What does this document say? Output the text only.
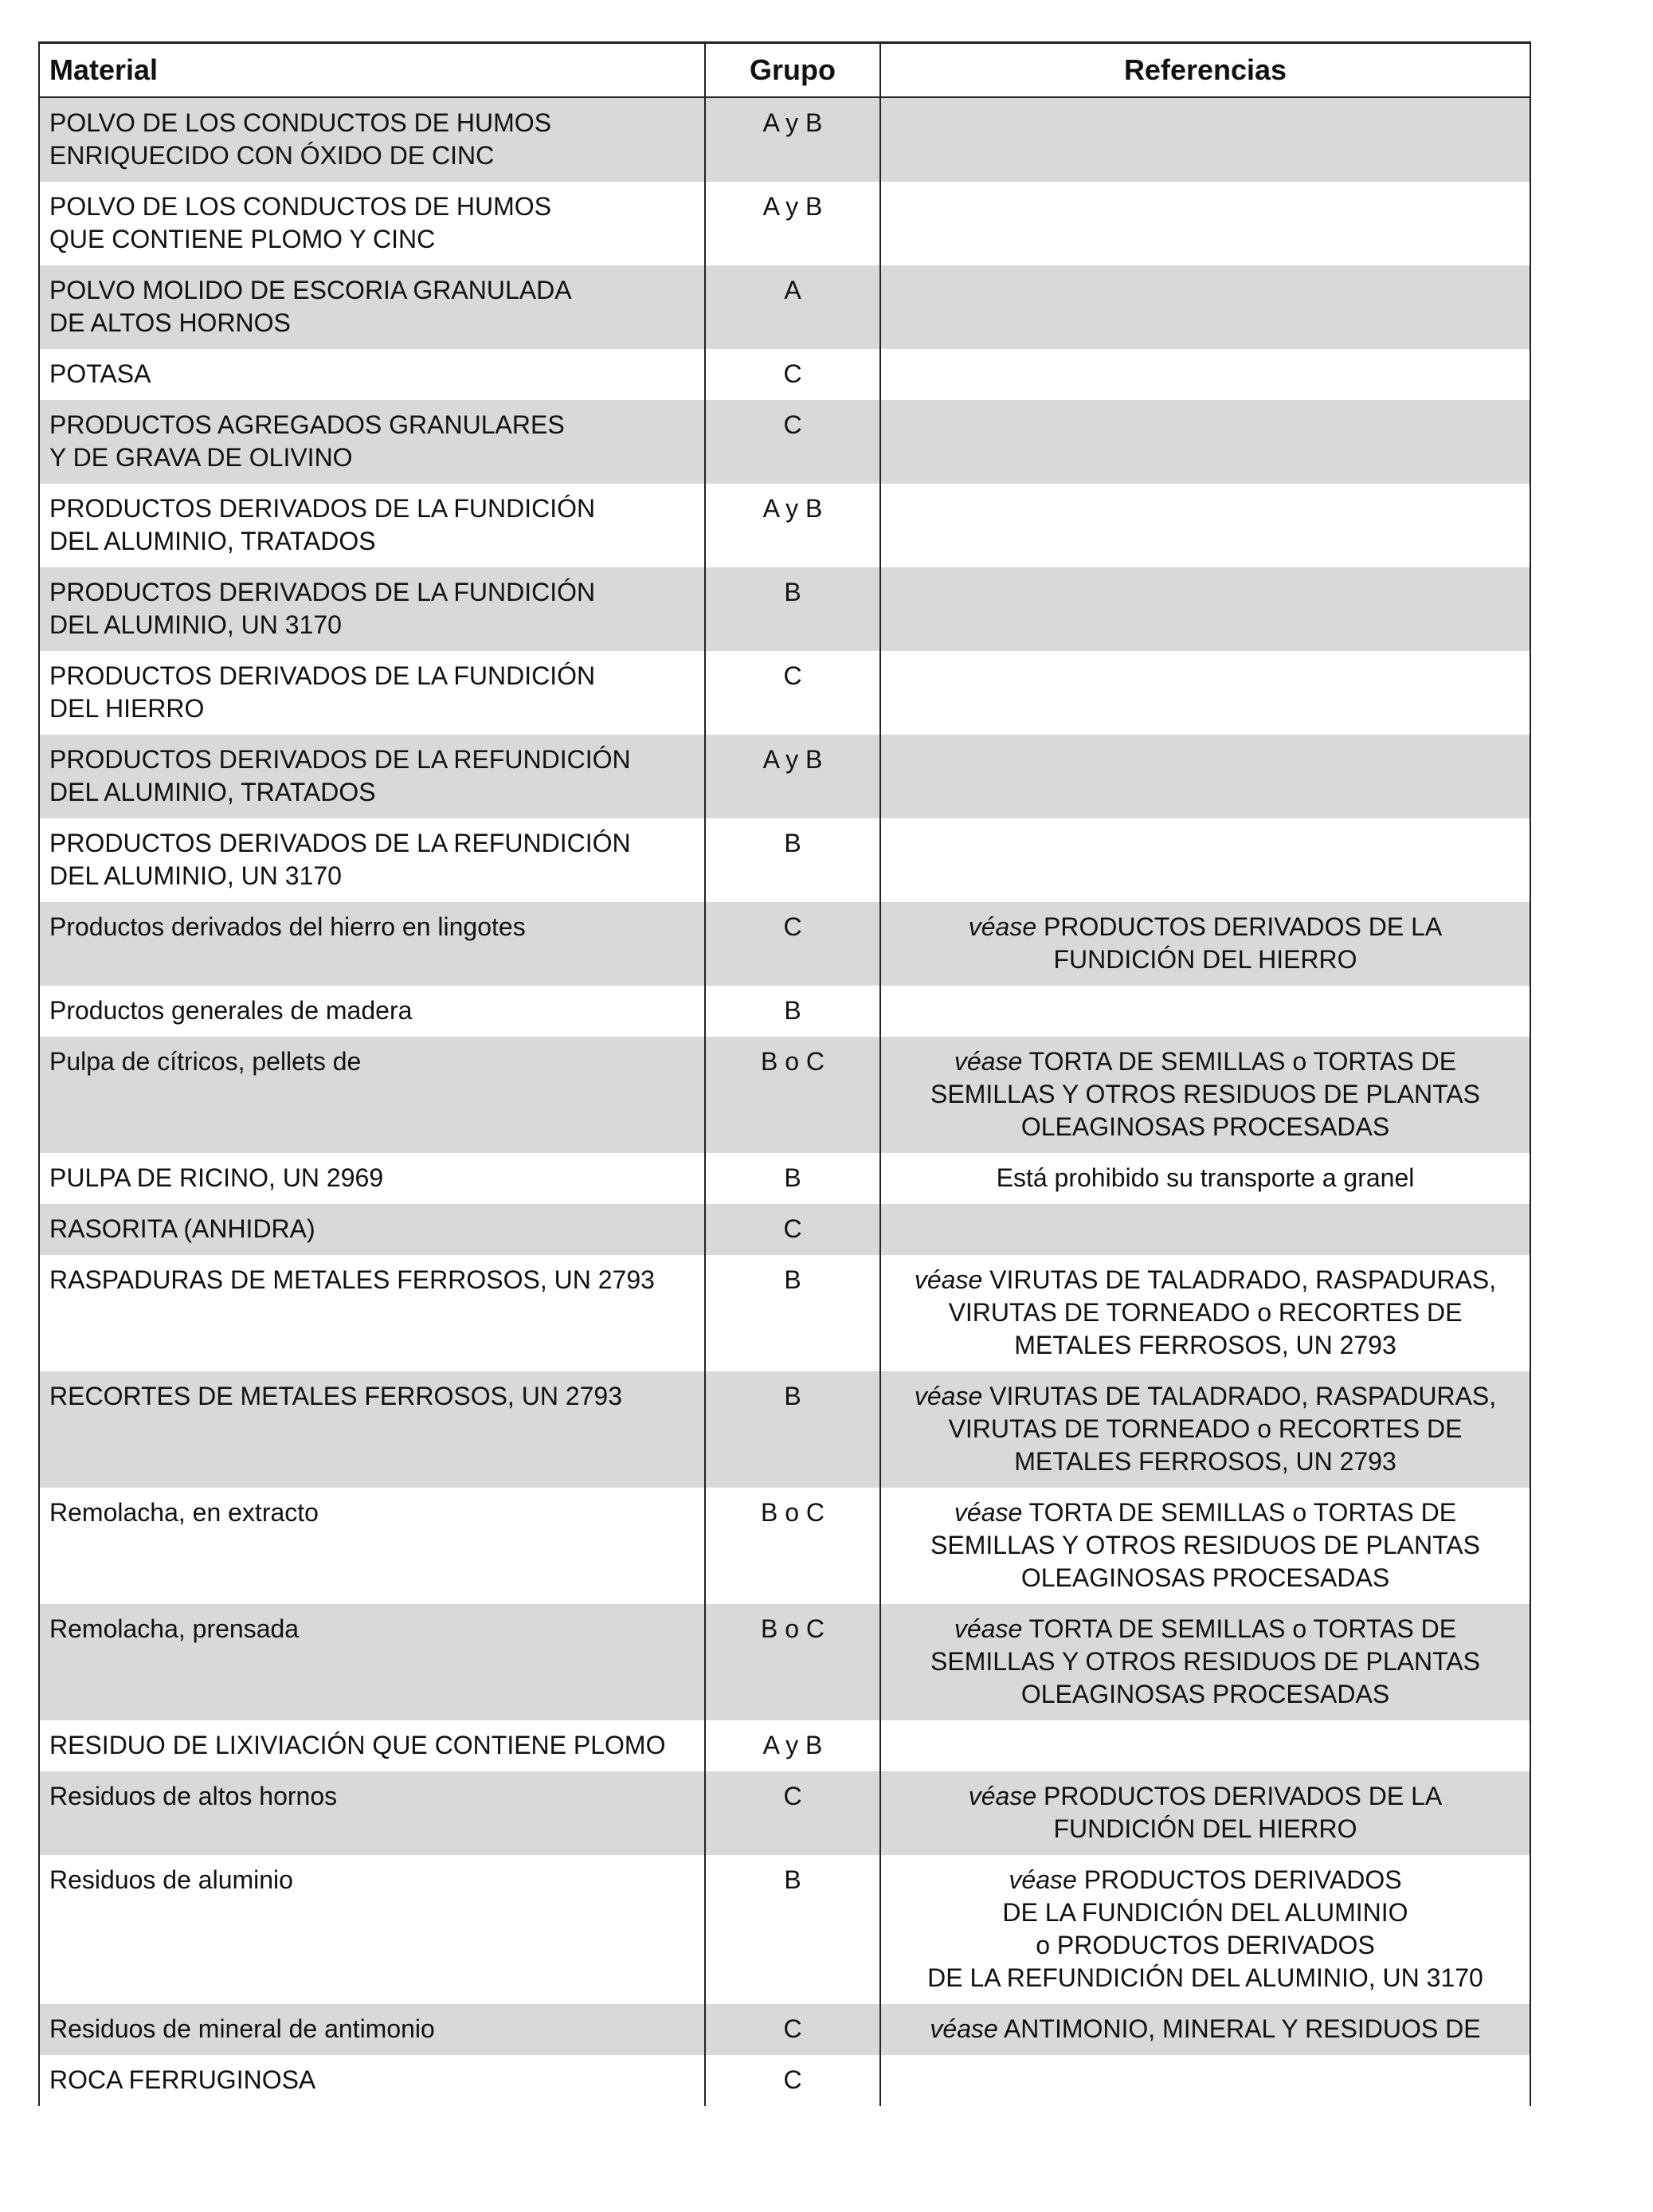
Material	Grupo	Referencias
POLVO DE LOS CONDUCTOS DE HUMOS
ENRIQUECIDO CON ÓXIDO DE CINC	A y B	
POLVO DE LOS CONDUCTOS DE HUMOS
QUE CONTIENE PLOMO Y CINC	A y B	
POLVO MOLIDO DE ESCORIA GRANULADA
DE ALTOS HORNOS	A	
POTASA	C	
PRODUCTOS AGREGADOS GRANULARES
Y DE GRAVA DE OLIVINO	C	
PRODUCTOS DERIVADOS DE LA FUNDICIÓN
DEL ALUMINIO, TRATADOS	A y B	
PRODUCTOS DERIVADOS DE LA FUNDICIÓN
DEL ALUMINIO, UN 3170	B	
PRODUCTOS DERIVADOS DE LA FUNDICIÓN
DEL HIERRO	C	
PRODUCTOS DERIVADOS DE LA REFUNDICIÓN
DEL ALUMINIO, TRATADOS	A y B	
PRODUCTOS DERIVADOS DE LA REFUNDICIÓN
DEL ALUMINIO, UN 3170	B	
Productos derivados del hierro en lingotes	C	véase PRODUCTOS DERIVADOS DE LA
FUNDICIÓN DEL HIERRO
Productos generales de madera	B	
Pulpa de cítricos, pellets de	B o C	véase TORTA DE SEMILLAS o TORTAS DE
SEMILLAS Y OTROS RESIDUOS DE PLANTAS
OLEAGINOSAS PROCESADAS
PULPA DE RICINO, UN 2969	B	Está prohibido su transporte a granel
RASORITA (ANHIDRA)	C	
RASPADURAS DE METALES FERROSOS, UN 2793	B	véase VIRUTAS DE TALADRADO, RASPADURAS,
VIRUTAS DE TORNEADO o RECORTES DE
METALES FERROSOS, UN 2793
RECORTES DE METALES FERROSOS, UN 2793	B	véase VIRUTAS DE TALADRADO, RASPADURAS,
VIRUTAS DE TORNEADO o RECORTES DE
METALES FERROSOS, UN 2793
Remolacha, en extracto	B o C	véase TORTA DE SEMILLAS o TORTAS DE
SEMILLAS Y OTROS RESIDUOS DE PLANTAS
OLEAGINOSAS PROCESADAS
Remolacha, prensada	B o C	véase TORTA DE SEMILLAS o TORTAS DE
SEMILLAS Y OTROS RESIDUOS DE PLANTAS
OLEAGINOSAS PROCESADAS
RESIDUO DE LIXIVIACIÓN QUE CONTIENE PLOMO	A y B	
Residuos de altos hornos	C	véase PRODUCTOS DERIVADOS DE LA
FUNDICIÓN DEL HIERRO
Residuos de aluminio	B	véase PRODUCTOS DERIVADOS
DE LA FUNDICIÓN DEL ALUMINIO
o PRODUCTOS DERIVADOS
DE LA REFUNDICIÓN DEL ALUMINIO, UN 3170
Residuos de mineral de antimonio	C	véase ANTIMONIO, MINERAL Y RESIDUOS DE
ROCA FERRUGINOSA	C	
